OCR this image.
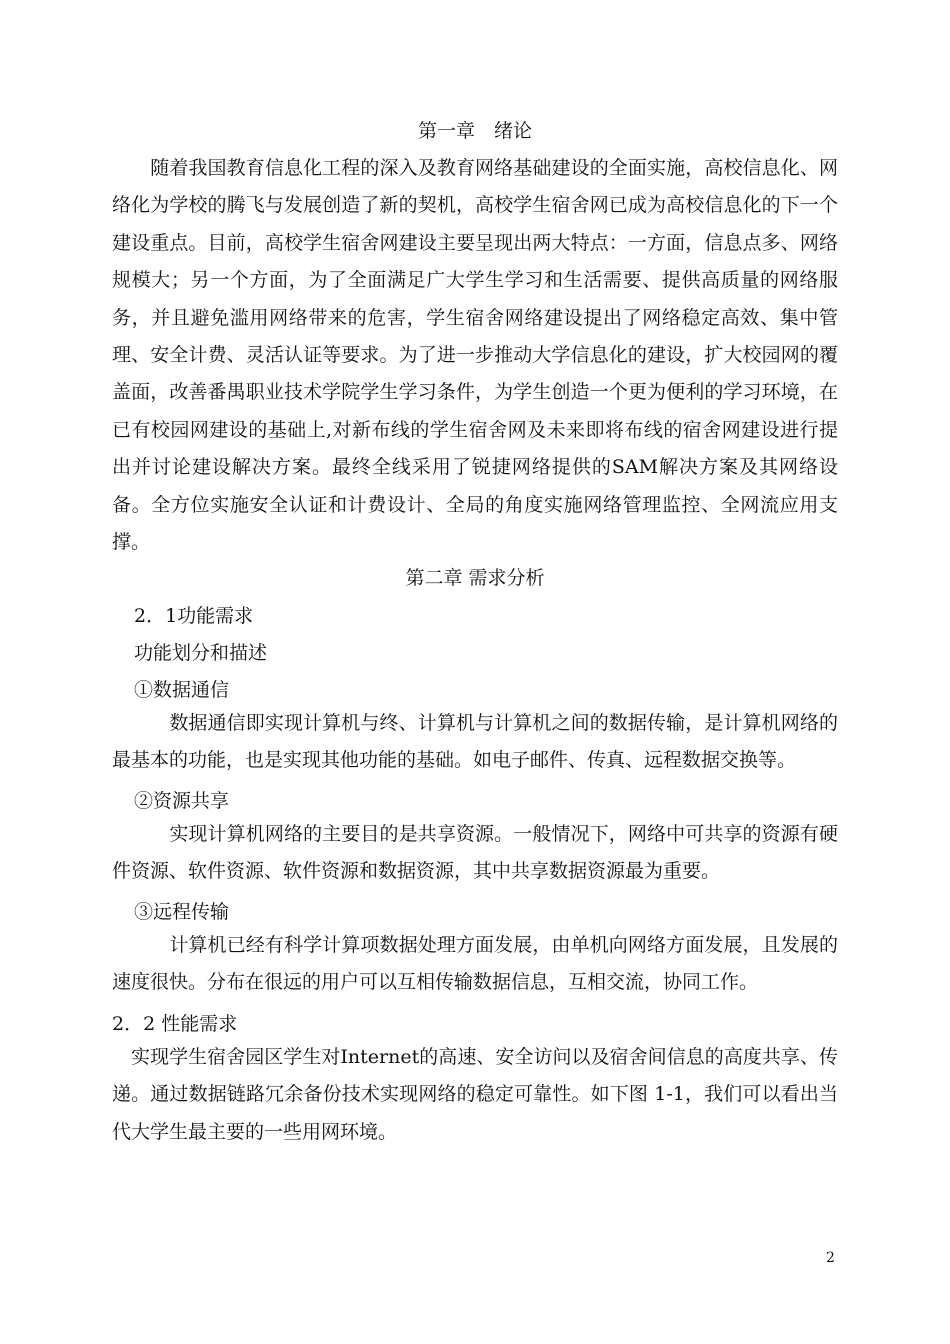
第一章　绪论
　　随着我国教育信息化工程的深入及教育网络基础建设的全面实施，高校信息化、网络化为学校的腾飞与发展创造了新的契机，高校学生宿舍网已成为高校信息化的下一个建设重点。目前，高校学生宿舍网建设主要呈现出两大特点：一方面，信息点多、网络规模大；另一个方面，为了全面满足广大学生学习和生活需要、提供高质量的网络服务，并且避免滥用网络带来的危害，学生宿舍网络建设提出了网络稳定高效、集中管理、安全计费、灵活认证等要求。为了进一步推动大学信息化的建设，扩大校园网的覆盖面，改善番禺职业技术学院学生学习条件，为学生创造一个更为便利的学习环境，在已有校园网建设的基础上,对新布线的学生宿舍网及未来即将布线的宿舍网建设进行提出并讨论建设解决方案。最终全线采用了锐捷网络提供的SAM解决方案及其网络设备。全方位实施安全认证和计费设计、全局的角度实施网络管理监控、全网流应用支撑。
第二章 需求分析
2．1功能需求
功能划分和描述
①数据通信
　　　数据通信即实现计算机与终、计算机与计算机之间的数据传输，是计算机网络的最基本的功能，也是实现其他功能的基础。如电子邮件、传真、远程数据交换等。
②资源共享
　　　实现计算机网络的主要目的是共享资源。一般情况下，网络中可共享的资源有硬件资源、软件资源、软件资源和数据资源，其中共享数据资源最为重要。
③远程传输
　　　计算机已经有科学计算项数据处理方面发展，由单机向网络方面发展，且发展的速度很快。分布在很远的用户可以互相传输数据信息，互相交流，协同工作。
2．2 性能需求
　实现学生宿舍园区学生对Internet的高速、安全访问以及宿舍间信息的高度共享、传递。通过数据链路冗余备份技术实现网络的稳定可靠性。如下图 1-1，我们可以看出当代大学生最主要的一些用网环境。
2
